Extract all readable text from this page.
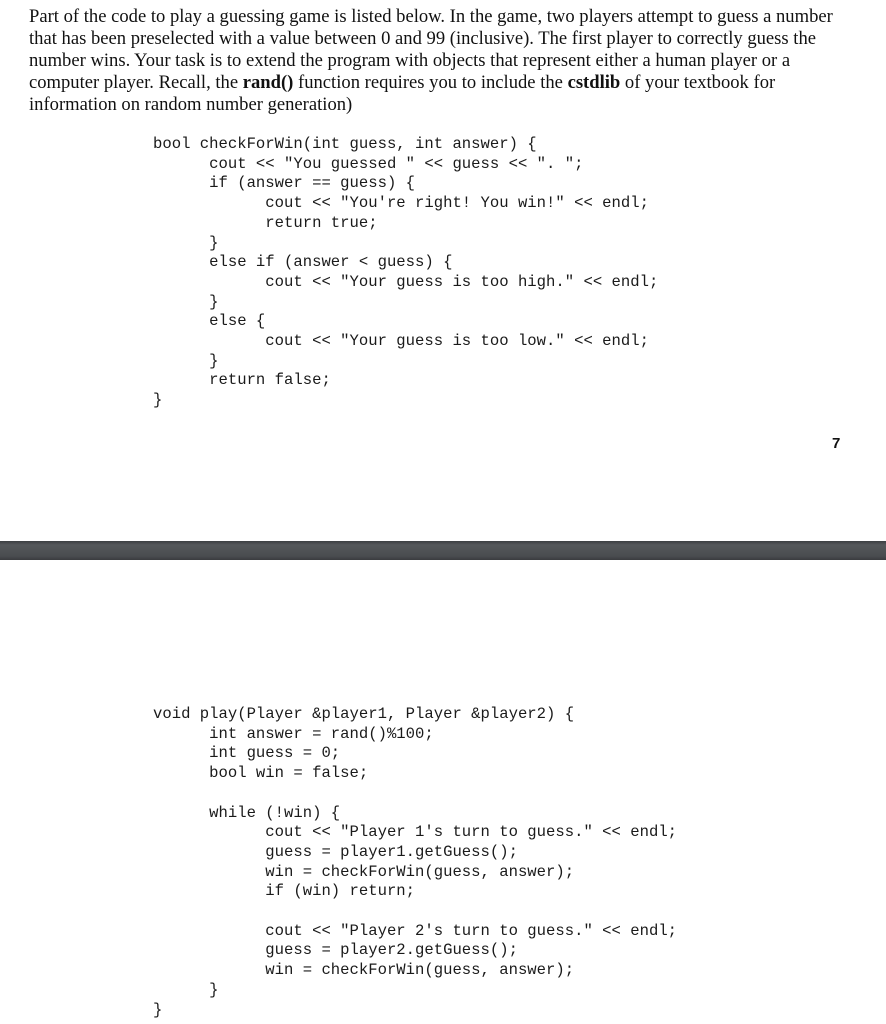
Part of the code to play a guessing game is listed below. In the game, two players attempt to guess a number that has been preselected with a value between 0 and 99 (inclusive). The first player to correctly guess the number wins. Your task is to extend the program with objects that represent either a human player or a computer player. Recall, the rand() function requires you to include the cstdlib of your textbook for information on random number generation)

bool checkForWin(int guess, int answer) {
cout << "You guessed " << guess << ". ";
if (answer == guess) {
cout << "You're right! You win!" << endl;
return true;
}
else if (answer < guess) {
cout << "Your guess is too high." << endl;
}
else {
cout << "Your guess is too low." << endl;
}
return false;
}
7
void play(Player &player1, Player &player2) {
int answer = rand()%100;
int guess = 0;
bool win = false;

while (!win) {
cout << "Player 1's turn to guess." << endl;
guess = player1.getGuess();
win = checkForWin(guess, answer);
if (win) return;

cout << "Player 2's turn to guess." << endl;
guess = player2.getGuess();
win = checkForWin(guess, answer);
}
}
